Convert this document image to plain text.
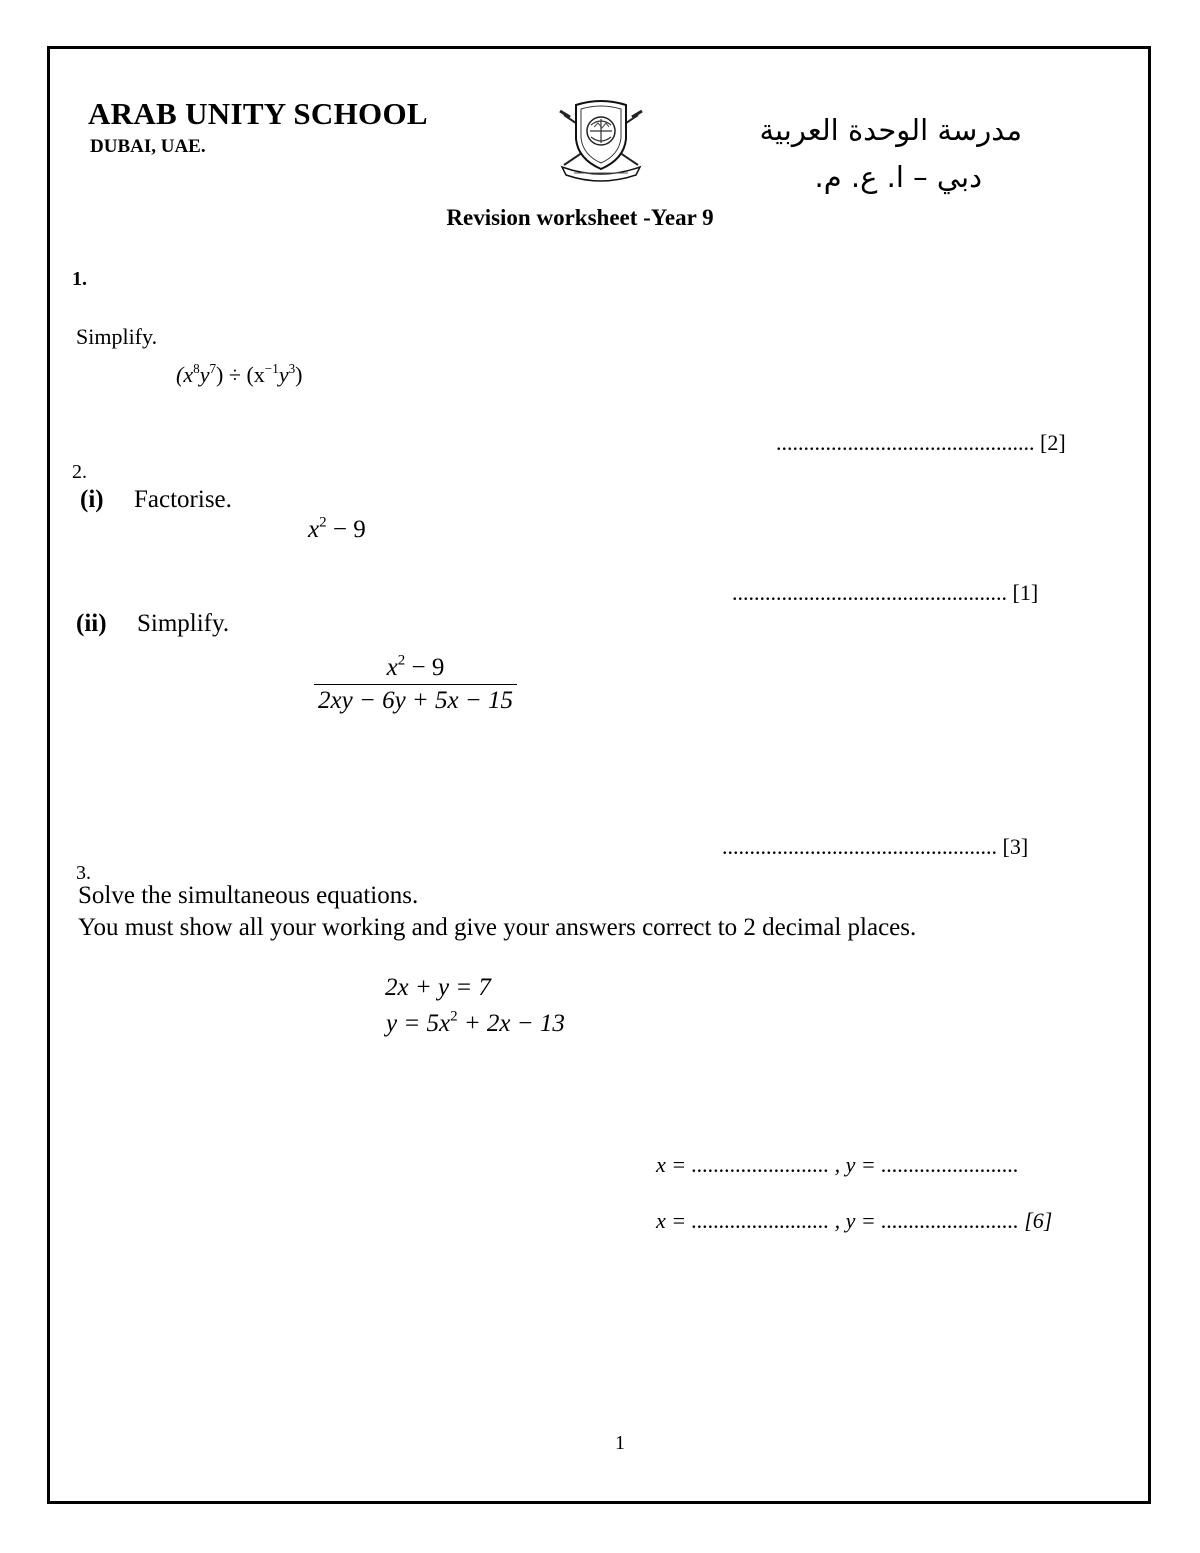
ARAB UNITY SCHOOL
DUBAI, UAE.	مدرسة الوحدة العربية
دبي – ا. ع. م.
Revision worksheet -Year 9
1.
Simplify.
$(x^8y^7) \div (x^{-1}y^3)$
............................................... [2]
2.
(i) Factorise.
$x^2 - 9$
.................................................. [1]
(ii) Simplify.
$\frac{x^2 - 9}{2xy - 6y + 5x - 15}$
.................................................. [3]
3.
Solve the simultaneous equations.
You must show all your working and give your answers correct to 2 decimal places.
2x + y = 7
$y = 5x^2 + 2x - 13$
x = ......................... , y = .........................
x = ......................... , y = ......................... [6]
1
